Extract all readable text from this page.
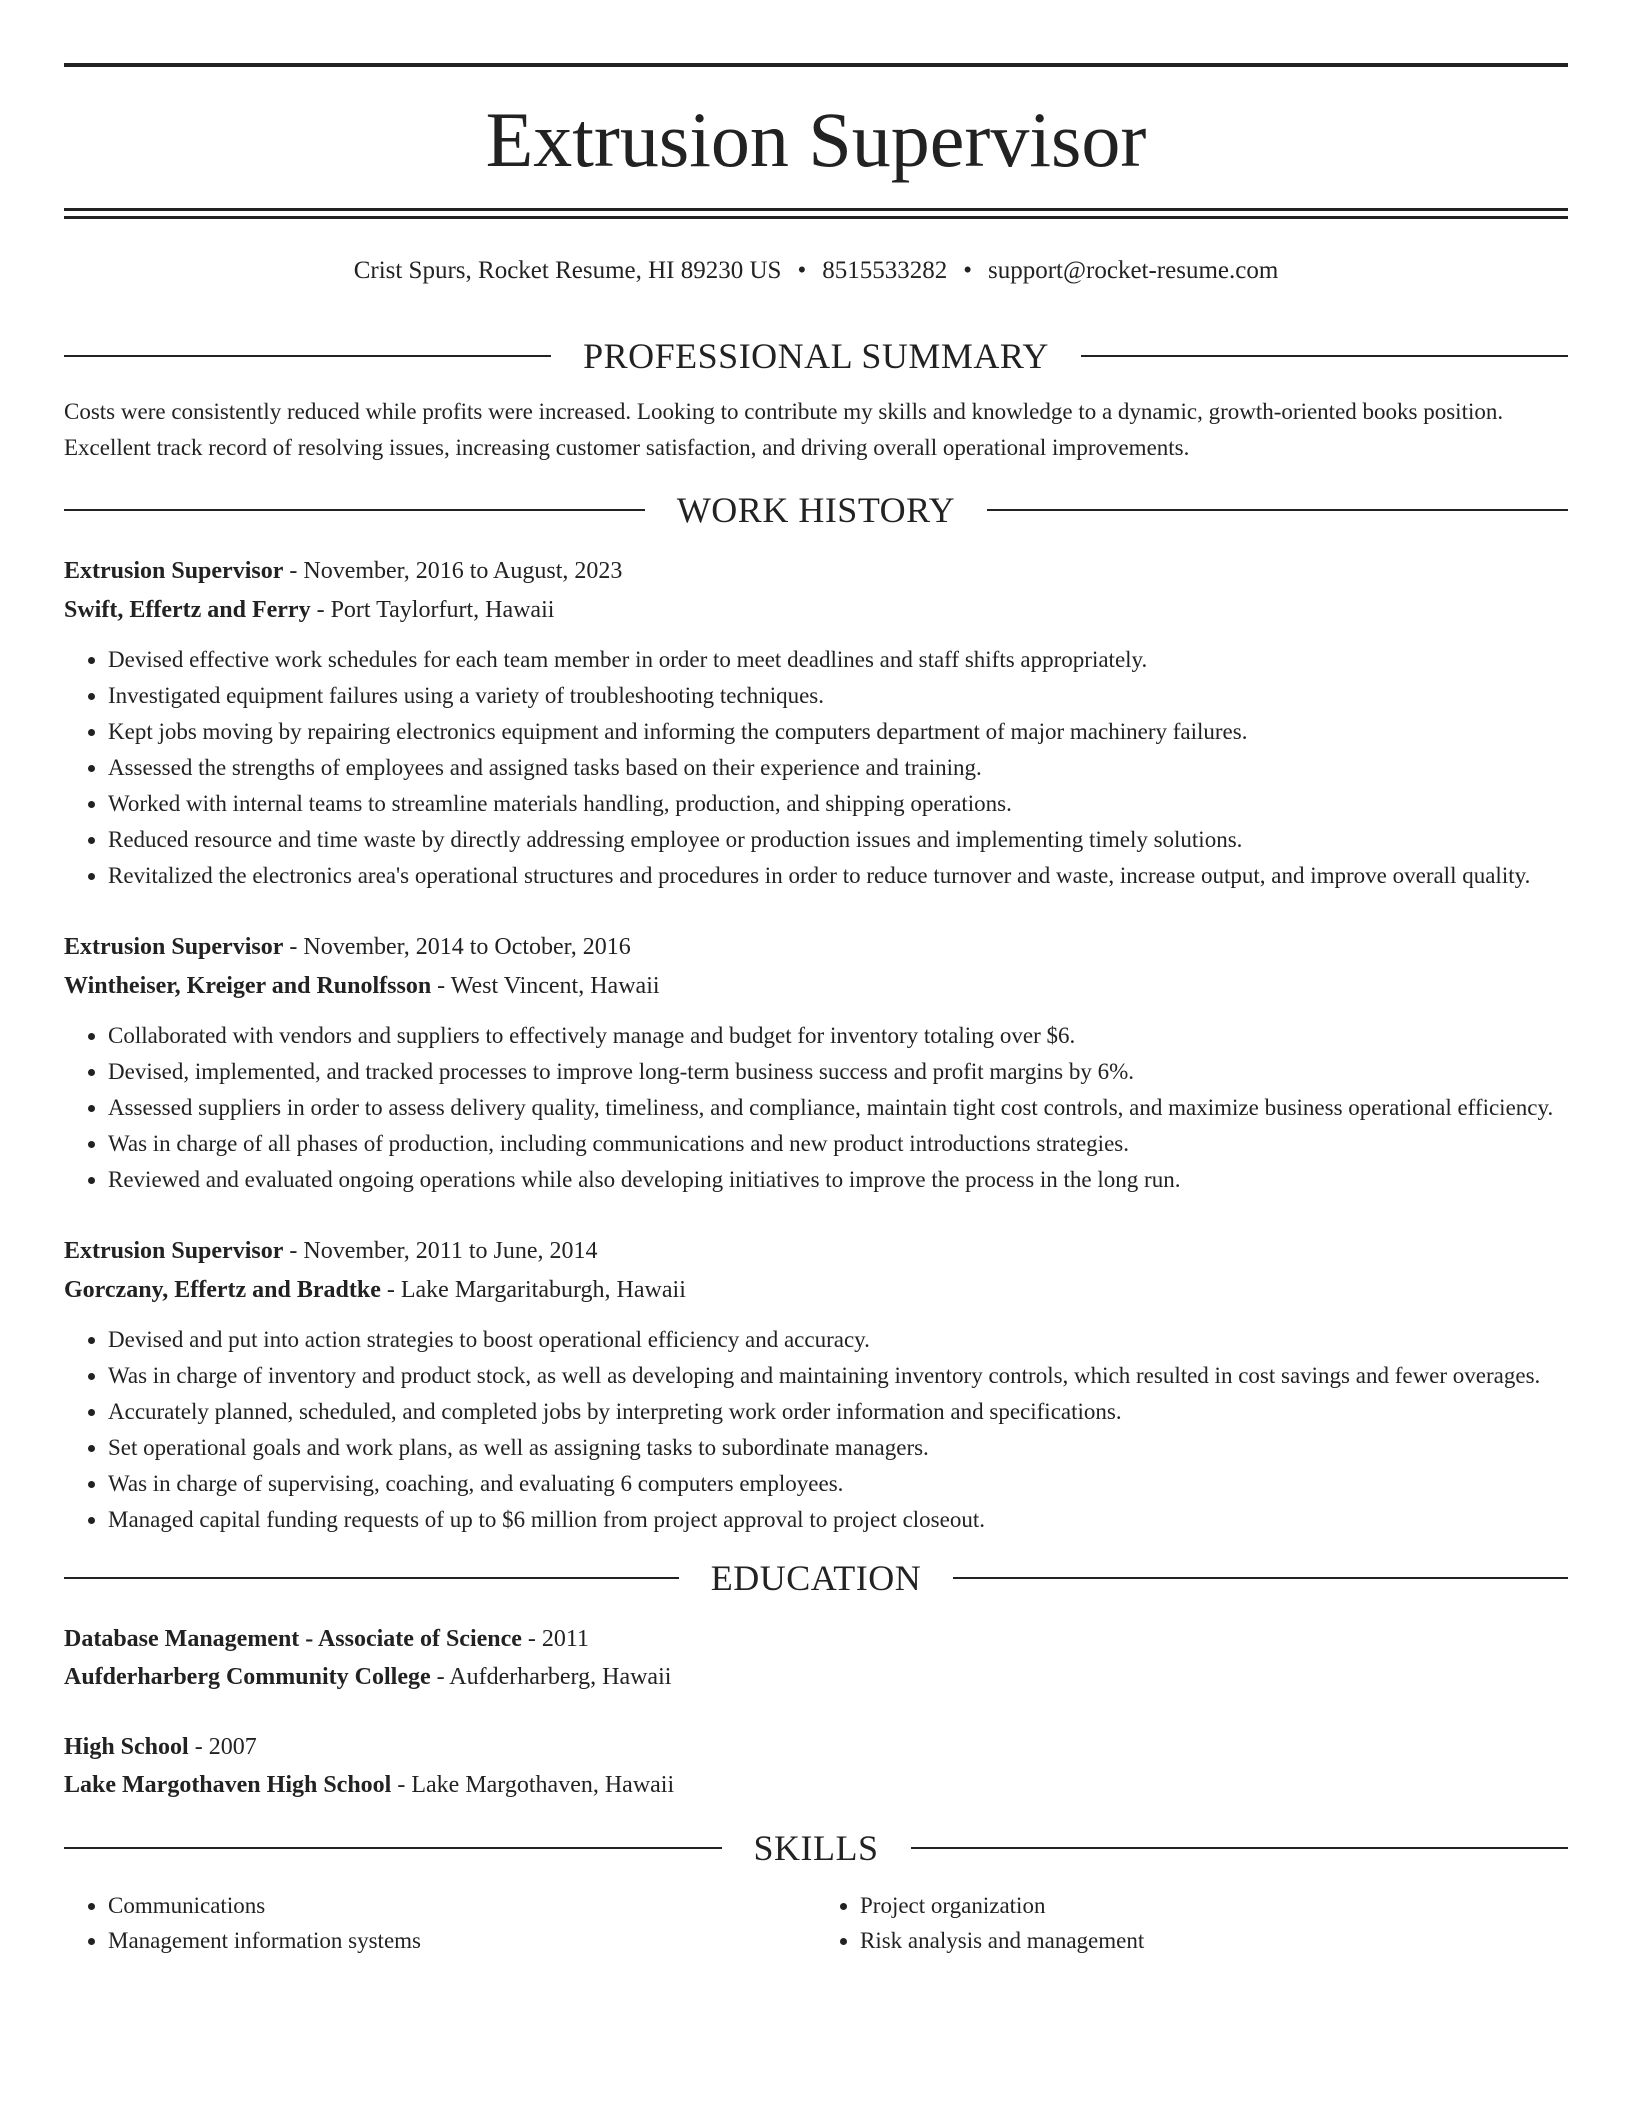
Extrusion Supervisor
Crist Spurs, Rocket Resume, HI 89230 US • 8515533282 • support@rocket-resume.com
PROFESSIONAL SUMMARY
Costs were consistently reduced while profits were increased. Looking to contribute my skills and knowledge to a dynamic, growth-oriented books position. Excellent track record of resolving issues, increasing customer satisfaction, and driving overall operational improvements.
WORK HISTORY
Extrusion Supervisor - November, 2016 to August, 2023
Swift, Effertz and Ferry - Port Taylorfurt, Hawaii
• Devised effective work schedules for each team member in order to meet deadlines and staff shifts appropriately.
• Investigated equipment failures using a variety of troubleshooting techniques.
• Kept jobs moving by repairing electronics equipment and informing the computers department of major machinery failures.
• Assessed the strengths of employees and assigned tasks based on their experience and training.
• Worked with internal teams to streamline materials handling, production, and shipping operations.
• Reduced resource and time waste by directly addressing employee or production issues and implementing timely solutions.
• Revitalized the electronics area's operational structures and procedures in order to reduce turnover and waste, increase output, and improve overall quality.
Extrusion Supervisor - November, 2014 to October, 2016
Wintheiser, Kreiger and Runolfsson - West Vincent, Hawaii
• Collaborated with vendors and suppliers to effectively manage and budget for inventory totaling over $6.
• Devised, implemented, and tracked processes to improve long-term business success and profit margins by 6%.
• Assessed suppliers in order to assess delivery quality, timeliness, and compliance, maintain tight cost controls, and maximize business operational efficiency.
• Was in charge of all phases of production, including communications and new product introductions strategies.
• Reviewed and evaluated ongoing operations while also developing initiatives to improve the process in the long run.
Extrusion Supervisor - November, 2011 to June, 2014
Gorczany, Effertz and Bradtke - Lake Margaritaburgh, Hawaii
• Devised and put into action strategies to boost operational efficiency and accuracy.
• Was in charge of inventory and product stock, as well as developing and maintaining inventory controls, which resulted in cost savings and fewer overages.
• Accurately planned, scheduled, and completed jobs by interpreting work order information and specifications.
• Set operational goals and work plans, as well as assigning tasks to subordinate managers.
• Was in charge of supervising, coaching, and evaluating 6 computers employees.
• Managed capital funding requests of up to $6 million from project approval to project closeout.
EDUCATION
Database Management - Associate of Science - 2011
Aufderharberg Community College - Aufderharberg, Hawaii
High School - 2007
Lake Margothaven High School - Lake Margothaven, Hawaii
SKILLS
• Communications
• Management information systems
• Project organization
• Risk analysis and management
